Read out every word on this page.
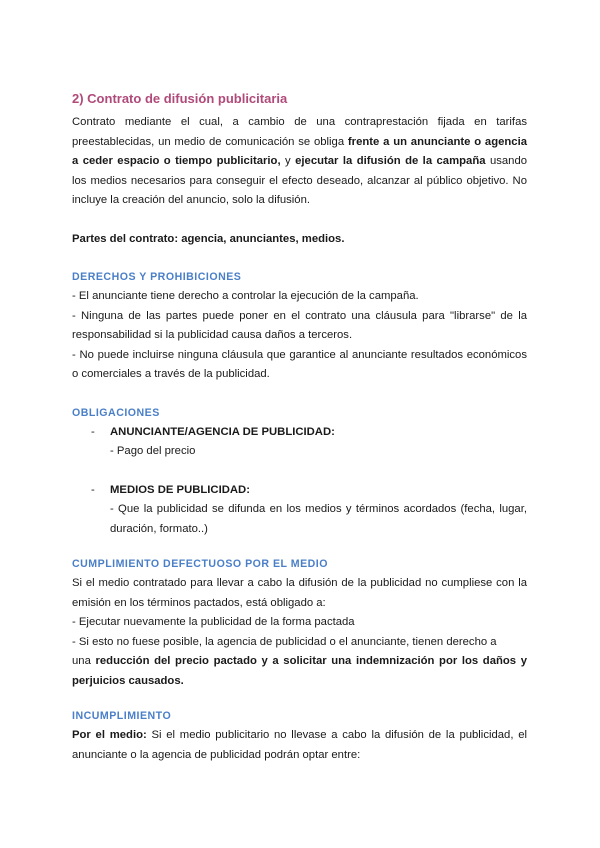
2) Contrato de difusión publicitaria

Contrato mediante el cual, a cambio de una contraprestación fijada en tarifas preestablecidas, un medio de comunicación se obliga frente a un anunciante o agencia a ceder espacio o tiempo publicitario, y ejecutar la difusión de la campaña usando los medios necesarios para conseguir el efecto deseado, alcanzar al público objetivo. No incluye la creación del anuncio, solo la difusión.

Partes del contrato: agencia, anunciantes, medios.

DERECHOS Y PROHIBICIONES

- El anunciante tiene derecho a controlar la ejecución de la campaña.

- Ninguna de las partes puede poner en el contrato una cláusula para "librarse" de la responsabilidad si la publicidad causa daños a terceros.

- No puede incluirse ninguna cláusula que garantice al anunciante resultados económicos o comerciales a través de la publicidad.

OBLIGACIONES
- ANUNCIANTE/AGENCIA DE PUBLICIDAD:

- Pago del precio

- MEDIOS DE PUBLICIDAD:

- Que la publicidad se difunda en los medios y términos acordados (fecha, lugar, duración, formato..)

CUMPLIMIENTO DEFECTUOSO POR EL MEDIO

Si el medio contratado para llevar a cabo la difusión de la publicidad no cumpliese con la emisión en los términos pactados, está obligado a:

- Ejecutar nuevamente la publicidad de la forma pactada

- Si esto no fuese posible, la agencia de publicidad o el anunciante, tienen derecho a

una reducción del precio pactado y a solicitar una indemnización por los daños y perjuicios causados.

INCUMPLIMIENTO

Por el medio: Si el medio publicitario no llevase a cabo la difusión de la publicidad, el anunciante o la agencia de publicidad podrán optar entre:
